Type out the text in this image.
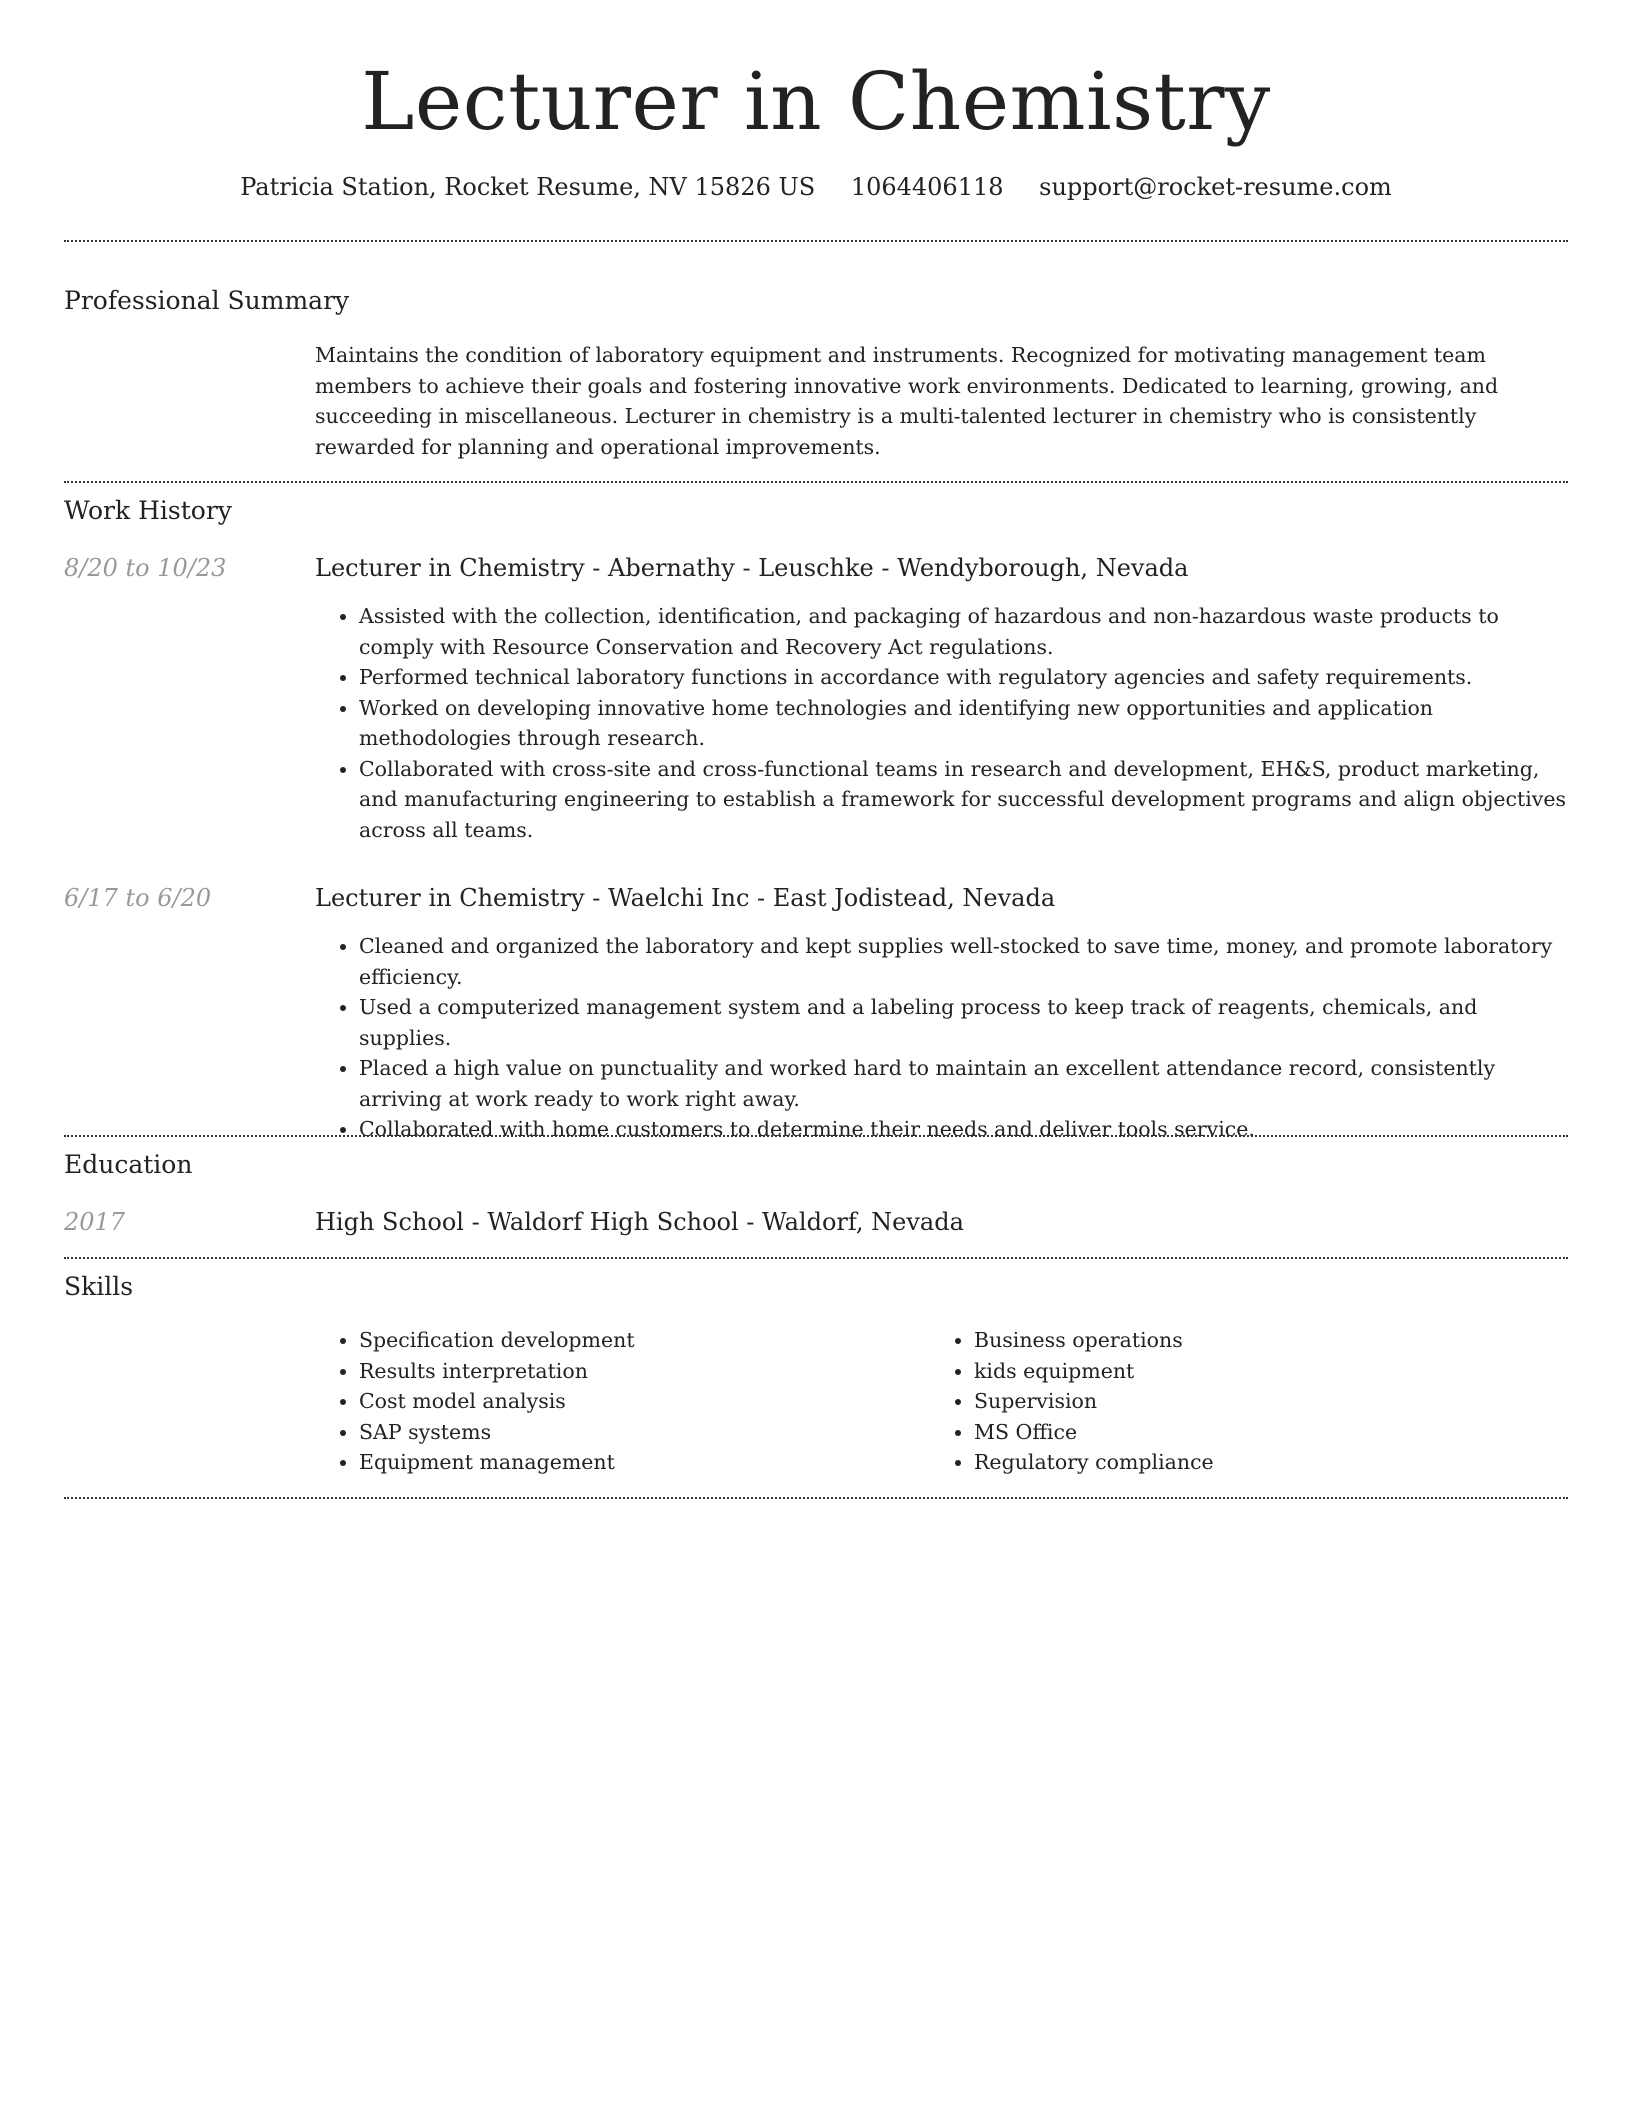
Lecturer in Chemistry
Patricia Station, Rocket Resume, NV 15826 US 1064406118 support@rocket-resume.com
Professional Summary

Maintains the condition of laboratory equipment and instruments. Recognized for motivating management team members to achieve their goals and fostering innovative work environments. Dedicated to learning, growing, and succeeding in miscellaneous. Lecturer in chemistry is a multi-talented lecturer in chemistry who is consistently rewarded for planning and operational improvements.

Work History
8/20 to 10/23	Lecturer in Chemistry - Abernathy - Leuschke - Wendyborough, Nevada
• Assisted with the collection, identification, and packaging of hazardous and non-hazardous waste products to comply with Resource Conservation and Recovery Act regulations.
• Performed technical laboratory functions in accordance with regulatory agencies and safety requirements.
• Worked on developing innovative home technologies and identifying new opportunities and application methodologies through research.
• Collaborated with cross-site and cross-functional teams in research and development, EH&S, product marketing, and manufacturing engineering to establish a framework for successful development programs and align objectives across all teams.
6/17 to 6/20	Lecturer in Chemistry - Waelchi Inc - East Jodistead, Nevada
• Cleaned and organized the laboratory and kept supplies well-stocked to save time, money, and promote laboratory efficiency.
• Used a computerized management system and a labeling process to keep track of reagents, chemicals, and supplies.
• Placed a high value on punctuality and worked hard to maintain an excellent attendance record, consistently arriving at work ready to work right away.
• Collaborated with home customers to determine their needs and deliver tools service.
Education
2017	High School - Waldorf High School - Waldorf, Nevada
Skills
• Specification development
• Results interpretation
• Cost model analysis
• SAP systems
• Equipment management
• Business operations
• kids equipment
• Supervision
• MS Office
• Regulatory compliance
